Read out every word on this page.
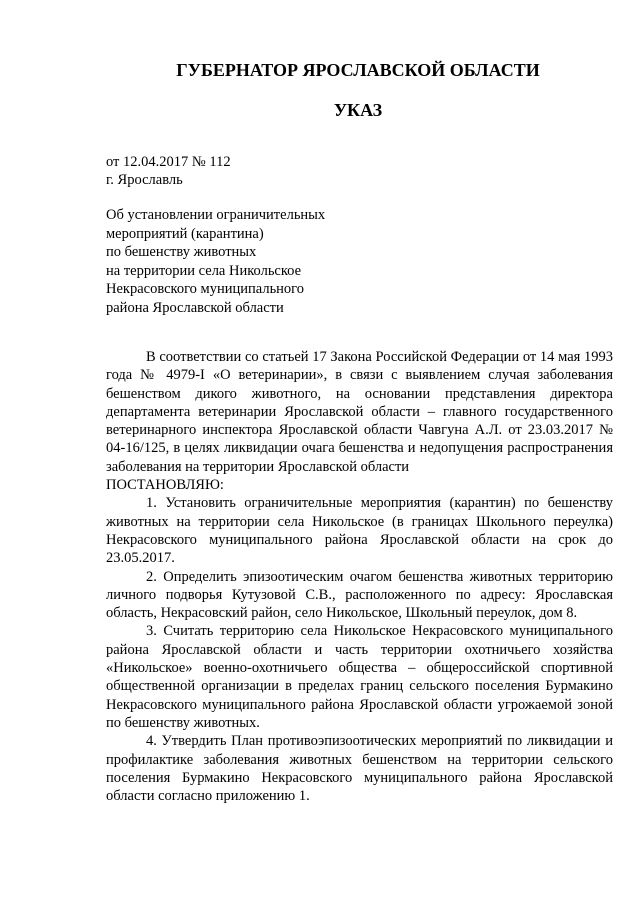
ГУБЕРНАТОР ЯРОСЛАВСКОЙ ОБЛАСТИ
УКАЗ
от 12.04.2017 № 112
г. Ярославль
Об установлении ограничительных
мероприятий (карантина)
по бешенству животных
на территории села Никольское
Некрасовского муниципального
района Ярославской области

В соответствии со статьей 17 Закона Российской Федерации от 14 мая 1993 года № 4979-I «О ветеринарии», в связи с выявлением случая заболевания бешенством дикого животного, на основании представления директора департамента ветеринарии Ярославской области – главного государственного ветеринарного инспектора Ярославской области Чавгуна А.Л. от 23.03.2017 № 04-16/125, в целях ликвидации очага бешенства и недопущения распространения заболевания на территории Ярославской области

ПОСТАНОВЛЯЮ:

1. Установить ограничительные мероприятия (карантин) по бешенству животных на территории села Никольское (в границах Школьного переулка) Некрасовского муниципального района Ярославской области на срок до 23.05.2017.

2. Определить эпизоотическим очагом бешенства животных территорию личного подворья Кутузовой С.В., расположенного по адресу: Ярославская область, Некрасовский район, село Никольское, Школьный переулок, дом 8.

3. Считать территорию села Никольское Некрасовского муниципального района Ярославской области и часть территории охотничьего хозяйства «Никольское» военно-охотничьего общества – общероссийской спортивной общественной организации в пределах границ сельского поселения Бурмакино Некрасовского муниципального района Ярославской области угрожаемой зоной по бешенству животных.

4. Утвердить План противоэпизоотических мероприятий по ликвидации и профилактике заболевания животных бешенством на территории сельского поселения Бурмакино Некрасовского муниципального района Ярославской области согласно приложению 1.
